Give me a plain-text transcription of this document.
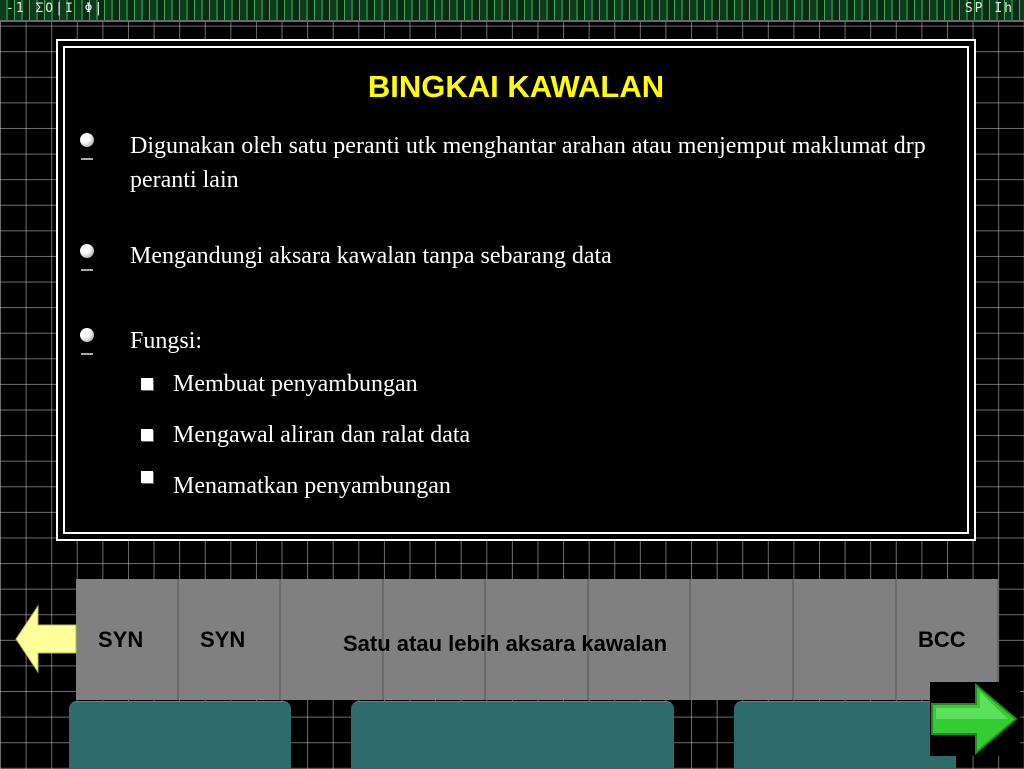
-1 ΣΟ|Ι Φ|	SP Ih
BINGKAI KAWALAN
Digunakan oleh satu peranti utk menghantar arahan atau menjemput maklumat drp peranti lain
Mengandungi aksara kawalan tanpa sebarang data
Fungsi:
Membuat penyambungan
Mengawal aliran dan ralat data
Menamatkan penyambungan
SYN	SYN	Satu atau lebih aksara kawalan	BCC
